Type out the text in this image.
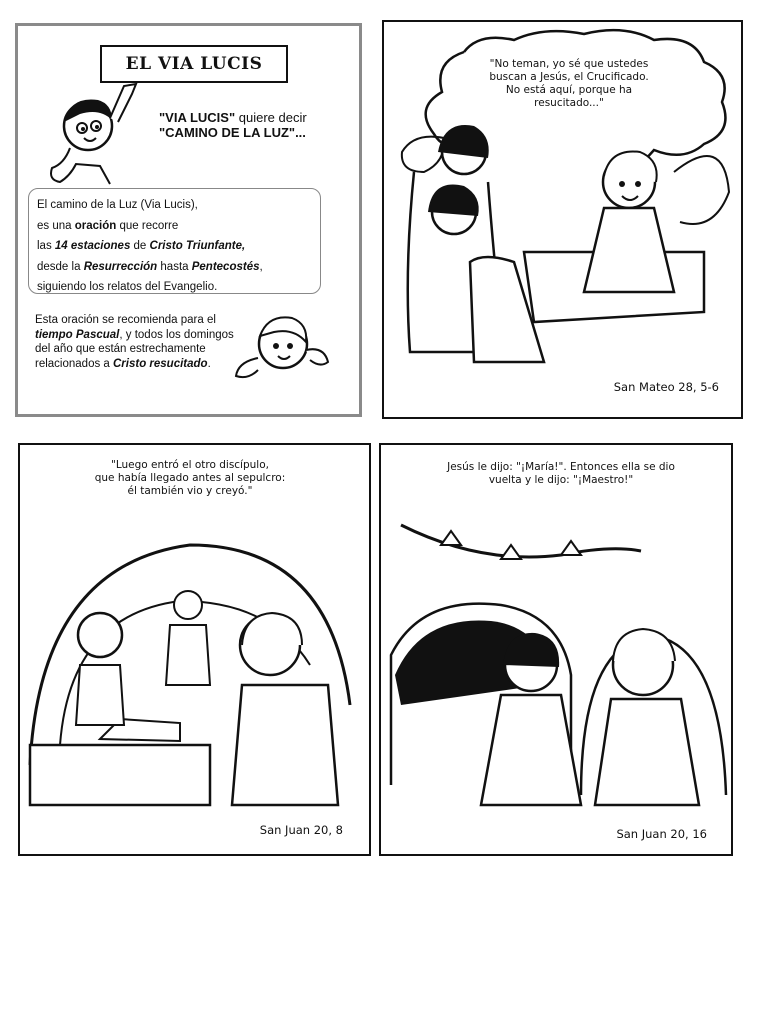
EL VIA LUCIS
"VIA LUCIS" quiere decir "CAMINO DE LA LUZ"...
El camino de la Luz (Via Lucis),
es una oración que recorre
las 14 estaciones de Cristo Triunfante,
desde la Resurrección hasta Pentecostés,
siguiendo los relatos del Evangelio.
Esta oración se recomienda para el tiempo Pascual, y todos los domingos del año que están estrechamente relacionados a Cristo resucitado.
"No teman, yo sé que ustedes
buscan a Jesús, el Crucificado.
No está aquí, porque ha
resucitado..."
San Mateo 28, 5-6
"Luego entró el otro discípulo,
que había llegado antes al sepulcro:
él también vio y creyó."
San Juan 20, 8
Jesús le dijo: "¡María!". Entonces ella se dio
vuelta y le dijo: "¡Maestro!"
San Juan 20, 16
